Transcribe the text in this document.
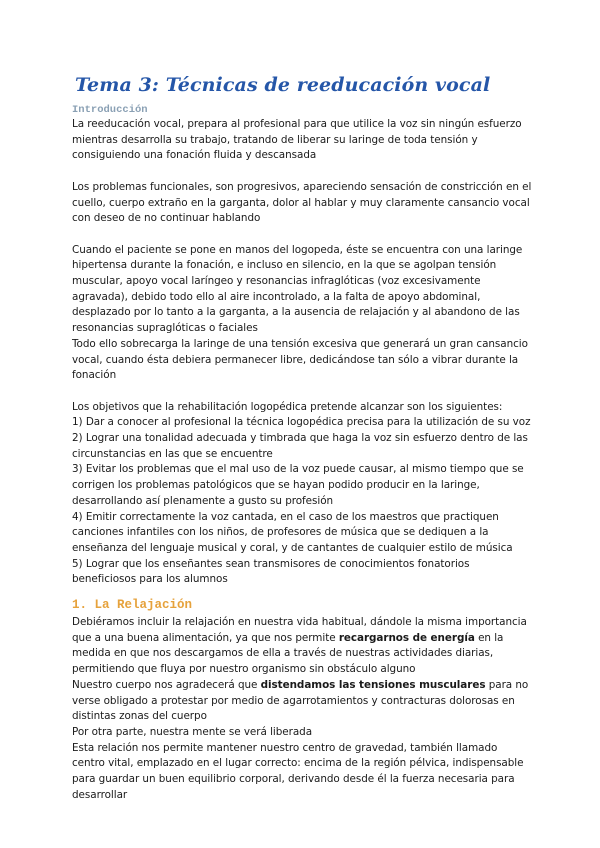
Tema 3: Técnicas de reeducación vocal
Introducción

La reeducación vocal, prepara al profesional para que utilice la voz sin ningún esfuerzo mientras desarrolla su trabajo, tratando de liberar su laringe de toda tensión y consiguiendo una fonación fluida y descansada

Los problemas funcionales, son progresivos, apareciendo sensación de constricción en el cuello, cuerpo extraño en la garganta, dolor al hablar y muy claramente cansancio vocal con deseo de no continuar hablando

Cuando el paciente se pone en manos del logopeda, éste se encuentra con una laringe hipertensa durante la fonación, e incluso en silencio, en la que se agolpan tensión muscular, apoyo vocal laríngeo y resonancias infraglóticas (voz excesivamente agravada), debido todo ello al aire incontrolado, a la falta de apoyo abdominal, desplazado por lo tanto a la garganta, a la ausencia de relajación y al abandono de las resonancias supraglóticas o faciales

Todo ello sobrecarga la laringe de una tensión excesiva que generará un gran cansancio vocal, cuando ésta debiera permanecer libre, dedicándose tan sólo a vibrar durante la fonación

Los objetivos que la rehabilitación logopédica pretende alcanzar son los siguientes:

1) Dar a conocer al profesional la técnica logopédica precisa para la utilización de su voz

2) Lograr una tonalidad adecuada y timbrada que haga la voz sin esfuerzo dentro de las circunstancias en las que se encuentre

3) Evitar los problemas que el mal uso de la voz puede causar, al mismo tiempo que se corrigen los problemas patológicos que se hayan podido producir en la laringe, desarrollando así plenamente a gusto su profesión

4) Emitir correctamente la voz cantada, en el caso de los maestros que practiquen canciones infantiles con los niños, de profesores de música que se dediquen a la enseñanza del lenguaje musical y coral, y de cantantes de cualquier estilo de música

5) Lograr que los enseñantes sean transmisores de conocimientos fonatorios beneficiosos para los alumnos

1. La Relajación

Debiéramos incluir la relajación en nuestra vida habitual, dándole la misma importancia que a una buena alimentación, ya que nos permite recargarnos de energía en la medida en que nos descargamos de ella a través de nuestras actividades diarias, permitiendo que fluya por nuestro organismo sin obstáculo alguno

Nuestro cuerpo nos agradecerá que distendamos las tensiones musculares para no verse obligado a protestar por medio de agarrotamientos y contracturas dolorosas en distintas zonas del cuerpo

Por otra parte, nuestra mente se verá liberada

Esta relación nos permite mantener nuestro centro de gravedad, también llamado centro vital, emplazado en el lugar correcto: encima de la región pélvica, indispensable para guardar un buen equilibrio corporal, derivando desde él la fuerza necesaria para desarrollar
